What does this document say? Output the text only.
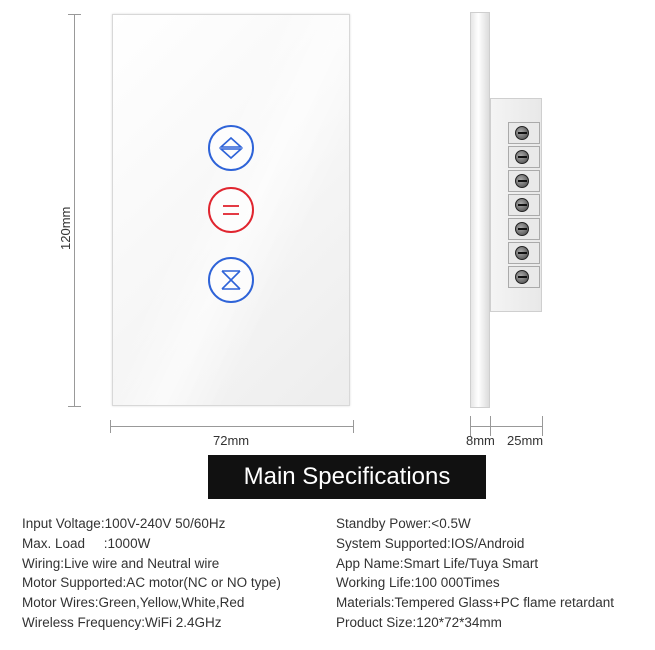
120mm
72mm	8mm 25mm
Main Specifications
Input Voltage:100V-240V 50/60Hz
Max. Load     :1000W
Wiring:Live wire and Neutral wire
Motor Supported:AC motor(NC or NO type)
Motor Wires:Green,Yellow,White,Red
Wireless Frequency:WiFi 2.4GHz
Standby Power:<0.5W
System Supported:IOS/Android
App Name:Smart Life/Tuya Smart
Working Life:100 000Times
Materials:Tempered Glass+PC flame retardant
Product Size:120*72*34mm
